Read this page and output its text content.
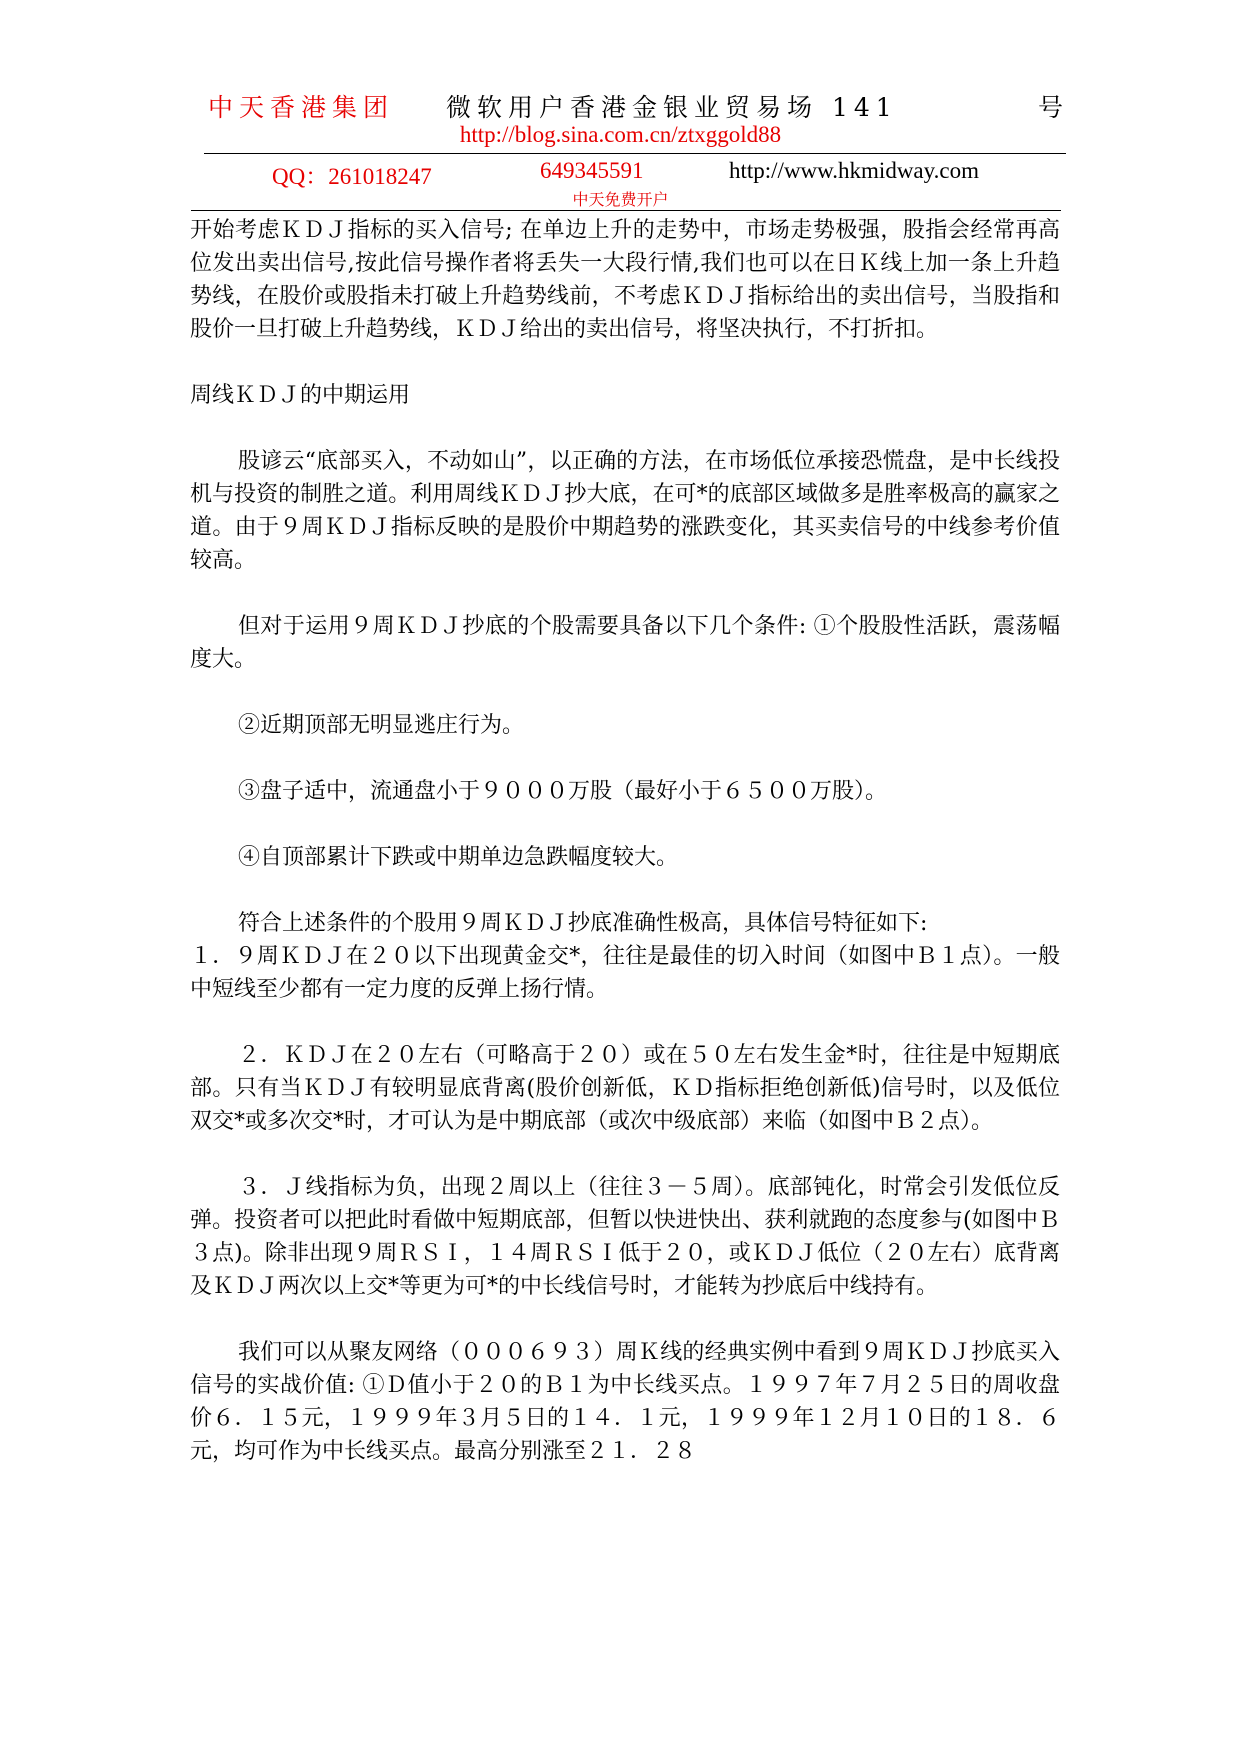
中天香港集团 微软用户香港金银业贸易场 141	号
http://blog.sina.com.cn/ztxggold88
QQ：261018247	649345591	http://www.hkmidway.com
中天免费开户

开始考虑ＫＤＪ指标的买入信号; 在单边上升的走势中，市场走势极强，股指会经常再高位发出卖出信号,按此信号操作者将丢失一大段行情,我们也可以在日Ｋ线上加一条上升趋势线，在股价或股指未打破上升趋势线前，不考虑ＫＤＪ指标给出的卖出信号，当股指和股价一旦打破上升趋势线，ＫＤＪ给出的卖出信号，将坚决执行，不打折扣。

周线ＫＤＪ的中期运用

股谚云“底部买入，不动如山”，以正确的方法，在市场低位承接恐慌盘，是中长线投机与投资的制胜之道。利用周线ＫＤＪ抄大底，在可*的底部区域做多是胜率极高的赢家之道。由于９周ＫＤＪ指标反映的是股价中期趋势的涨跌变化，其买卖信号的中线参考价值较高。

但对于运用９周ＫＤＪ抄底的个股需要具备以下几个条件: ①个股股性活跃，震荡幅度大。

②近期顶部无明显逃庄行为。

③盘子适中，流通盘小于９０００万股（最好小于６５００万股）。

④自顶部累计下跌或中期单边急跌幅度较大。

符合上述条件的个股用９周ＫＤＪ抄底准确性极高，具体信号特征如下:

１．９周ＫＤＪ在２０以下出现黄金交*，往往是最佳的切入时间（如图中Ｂ１点）。一般中短线至少都有一定力度的反弹上扬行情。

２．ＫＤＪ在２０左右（可略高于２０）或在５０左右发生金*时，往往是中短期底部。只有当ＫＤＪ有较明显底背离(股价创新低，ＫＤ指标拒绝创新低)信号时，以及低位双交*或多次交*时，才可认为是中期底部（或次中级底部）来临（如图中Ｂ２点）。

３．Ｊ线指标为负，出现２周以上（往往３－５周）。底部钝化，时常会引发低位反弹。投资者可以把此时看做中短期底部，但暂以快进快出、获利就跑的态度参与(如图中Ｂ３点)。除非出现９周ＲＳＩ，１４周ＲＳＩ低于２０，或ＫＤＪ低位（２０左右）底背离及ＫＤＪ两次以上交*等更为可*的中长线信号时，才能转为抄底后中线持有。

我们可以从聚友网络（０００６９３）周Ｋ线的经典实例中看到９周ＫＤＪ抄底买入信号的实战价值: ①Ｄ值小于２０的Ｂ１为中长线买点。１９９７年７月２５日的周收盘价６．１５元，１９９９年３月５日的１４．１元，１９９９年１２月１０日的１８．６元，均可作为中长线买点。最高分别涨至２１．２８
